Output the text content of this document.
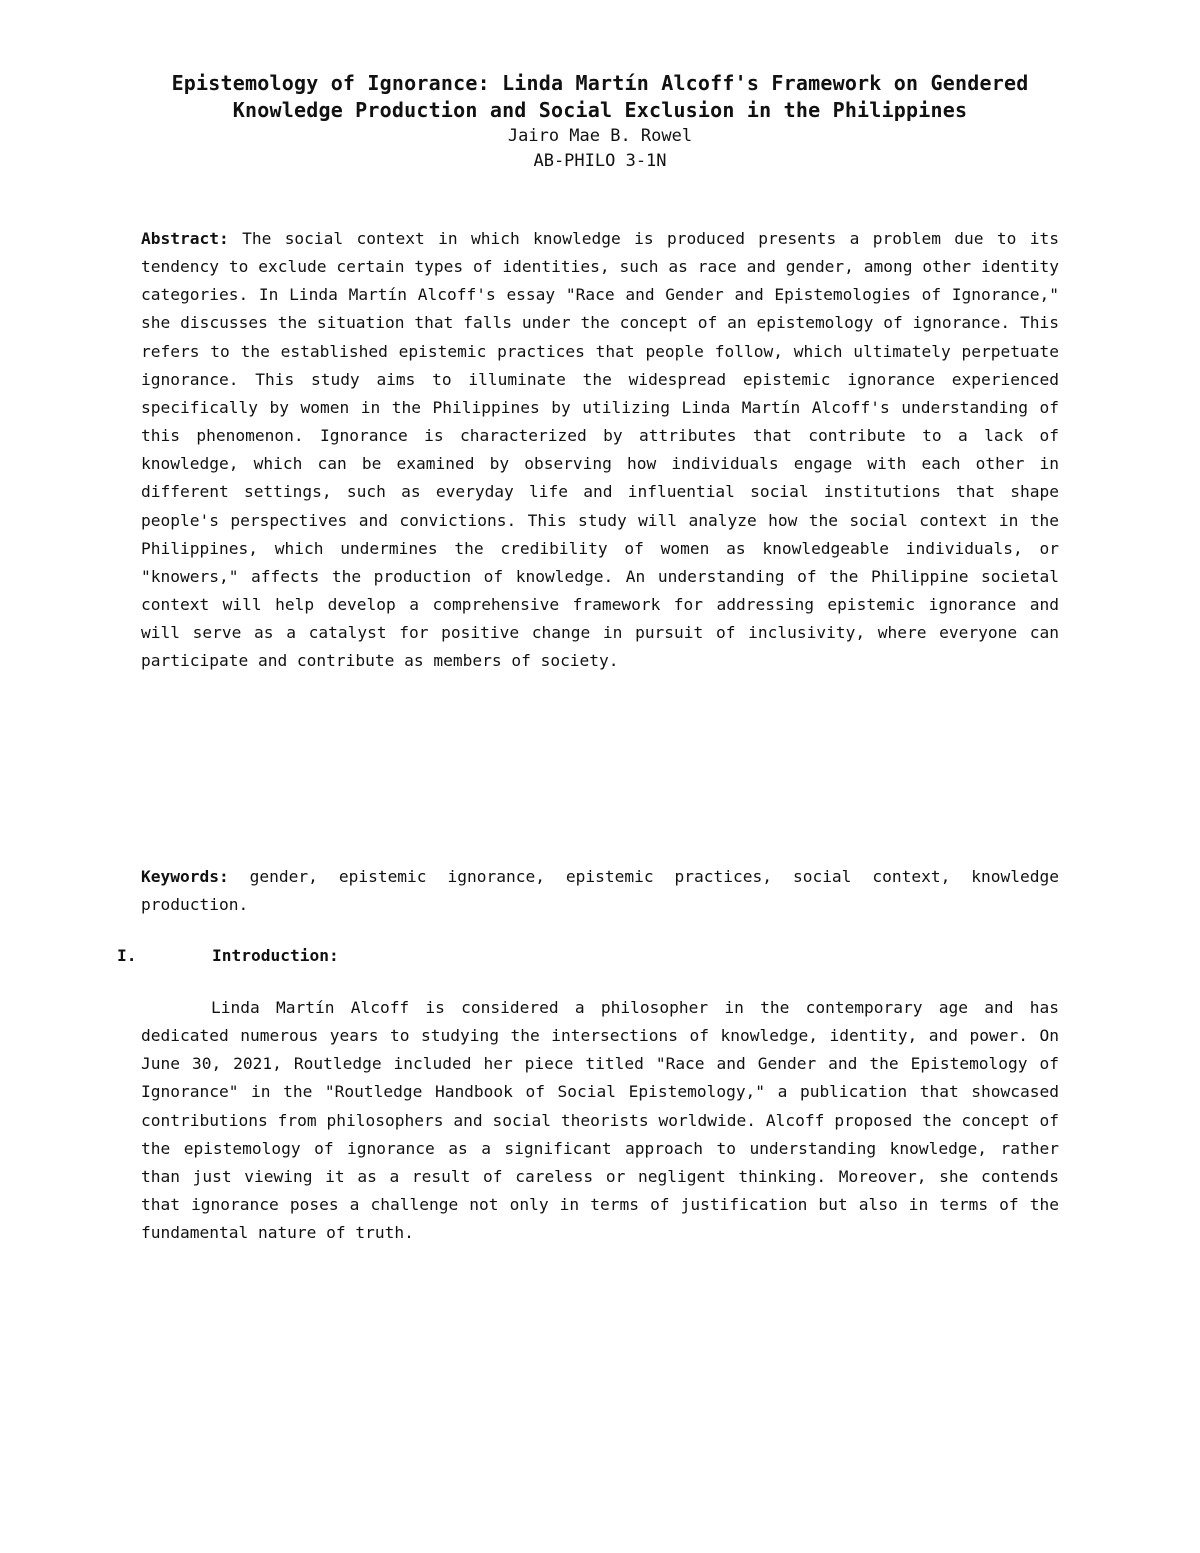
Epistemology of Ignorance: Linda Martín Alcoff's Framework on Gendered Knowledge Production and Social Exclusion in the Philippines

Jairo Mae B. Rowel

AB-PHILO 3-1N

Abstract: The social context in which knowledge is produced presents a problem due to its tendency to exclude certain types of identities, such as race and gender, among other identity categories. In Linda Martín Alcoff's essay "Race and Gender and Epistemologies of Ignorance," she discusses the situation that falls under the concept of an epistemology of ignorance. This refers to the established epistemic practices that people follow, which ultimately perpetuate ignorance. This study aims to illuminate the widespread epistemic ignorance experienced specifically by women in the Philippines by utilizing Linda Martín Alcoff's understanding of this phenomenon. Ignorance is characterized by attributes that contribute to a lack of knowledge, which can be examined by observing how individuals engage with each other in different settings, such as everyday life and influential social institutions that shape people's perspectives and convictions. This study will analyze how the social context in the Philippines, which undermines the credibility of women as knowledgeable individuals, or "knowers," affects the production of knowledge. An understanding of the Philippine societal context will help develop a comprehensive framework for addressing epistemic ignorance and will serve as a catalyst for positive change in pursuit of inclusivity, where everyone can participate and contribute as members of society.

Keywords: gender, epistemic ignorance, epistemic practices, social context, knowledge production.

I.	Introduction:

Linda Martín Alcoff is considered a philosopher in the contemporary age and has dedicated numerous years to studying the intersections of knowledge, identity, and power. On June 30, 2021, Routledge included her piece titled "Race and Gender and the Epistemology of Ignorance" in the "Routledge Handbook of Social Epistemology," a publication that showcased contributions from philosophers and social theorists worldwide. Alcoff proposed the concept of the epistemology of ignorance as a significant approach to understanding knowledge, rather than just viewing it as a result of careless or negligent thinking. Moreover, she contends that ignorance poses a challenge not only in terms of justification but also in terms of the fundamental nature of truth.
